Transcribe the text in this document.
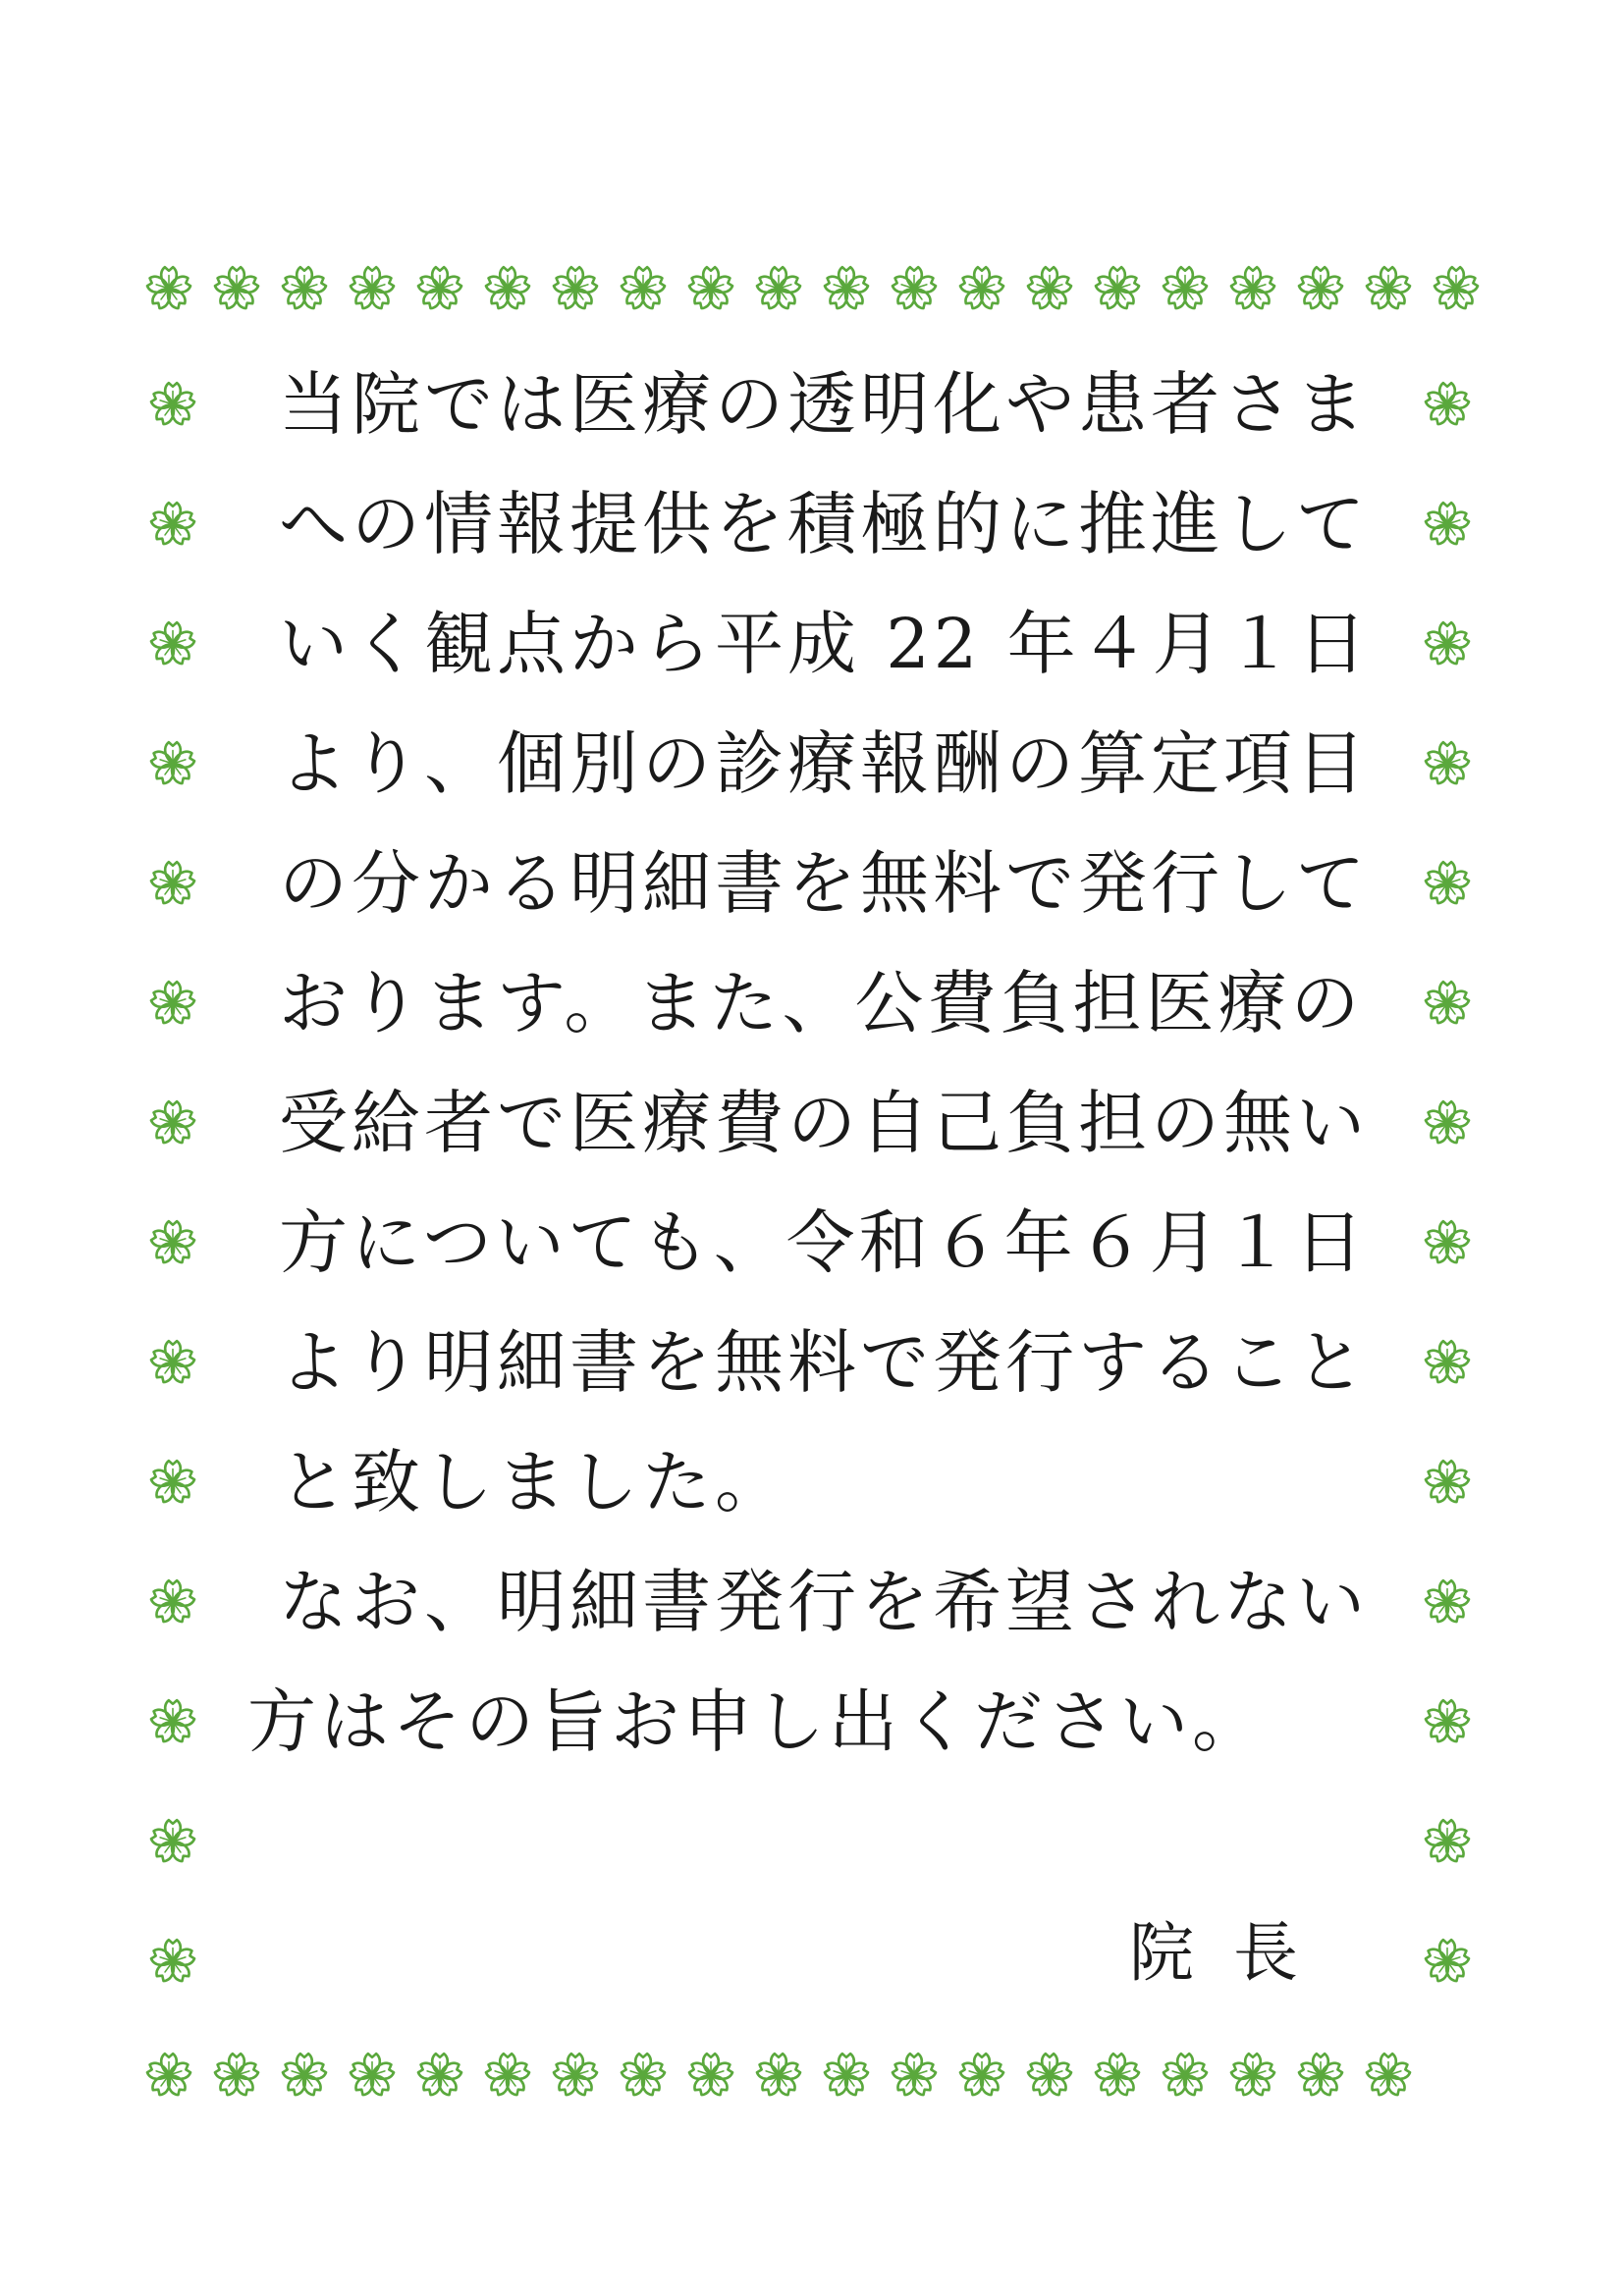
当院では医療の透明化や患者さま
への情報提供を積極的に推進して
いく観点から平成 22 年４月１日
より、個別の診療報酬の算定項目
の分かる明細書を無料で発行して
おります。また、公費負担医療の
受給者で医療費の自己負担の無い
方についても、令和６年６月１日
より明細書を無料で発行すること
と致しました。
なお、明細書発行を希望されない
方はその旨お申し出ください。
院長
